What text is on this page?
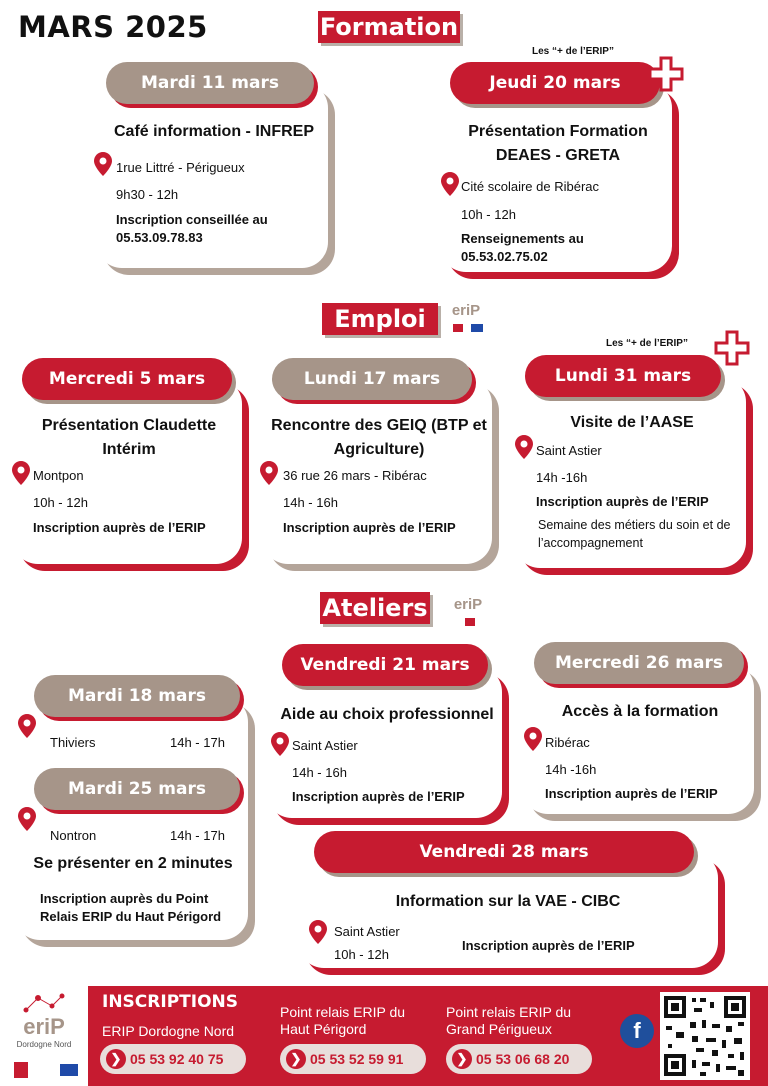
MARS 2025	Formation
Mardi 11 mars
Café information - INFREP
1rue Littré - Périgueux
9h30 - 12h
Inscription conseillée au 05.53.09.78.83
Les “+ de l’ERIP”
Jeudi 20 mars
Présentation Formation DEAES - GRETA
Cité scolaire de Ribérac
10h - 12h
Renseignements au 05.53.02.75.02
Emploi	eriP
Mercredi 5 mars
Présentation Claudette Intérim
Montpon
10h - 12h
Inscription auprès de l’ERIP
Lundi 17 mars
Rencontre des GEIQ (BTP et Agriculture)
36 rue 26 mars - Ribérac
14h - 16h
Inscription auprès de l’ERIP
Les “+ de l’ERIP”
Lundi 31 mars
Visite de l’AASE
Saint Astier
14h -16h
Inscription auprès de l’ERIP
Semaine des métiers du soin et de l’accompagnement
Ateliers	eriP
Mardi 18 mars
Thiviers	14h - 17h
Mardi 25 mars
Nontron	14h - 17h
Se présenter en 2 minutes
Inscription auprès du Point Relais ERIP du Haut Périgord
Vendredi 21 mars
Aide au choix professionnel
Saint Astier
14h - 16h
Inscription auprès de l’ERIP
Mercredi 26 mars
Accès à la formation
Ribérac
14h -16h
Inscription auprès de l’ERIP
Vendredi 28 mars
Information sur la VAE - CIBC
Saint Astier
10h - 12h
Inscription auprès de l’ERIP
eriP
Dordogne Nord
INSCRIPTIONS
ERIP Dordogne Nord
❯ 05 53 92 40 75
Point relais ERIP du Haut Périgord
❯ 05 53 52 59 91
Point relais ERIP du Grand Périgueux
❯ 05 53 06 68 20
f
